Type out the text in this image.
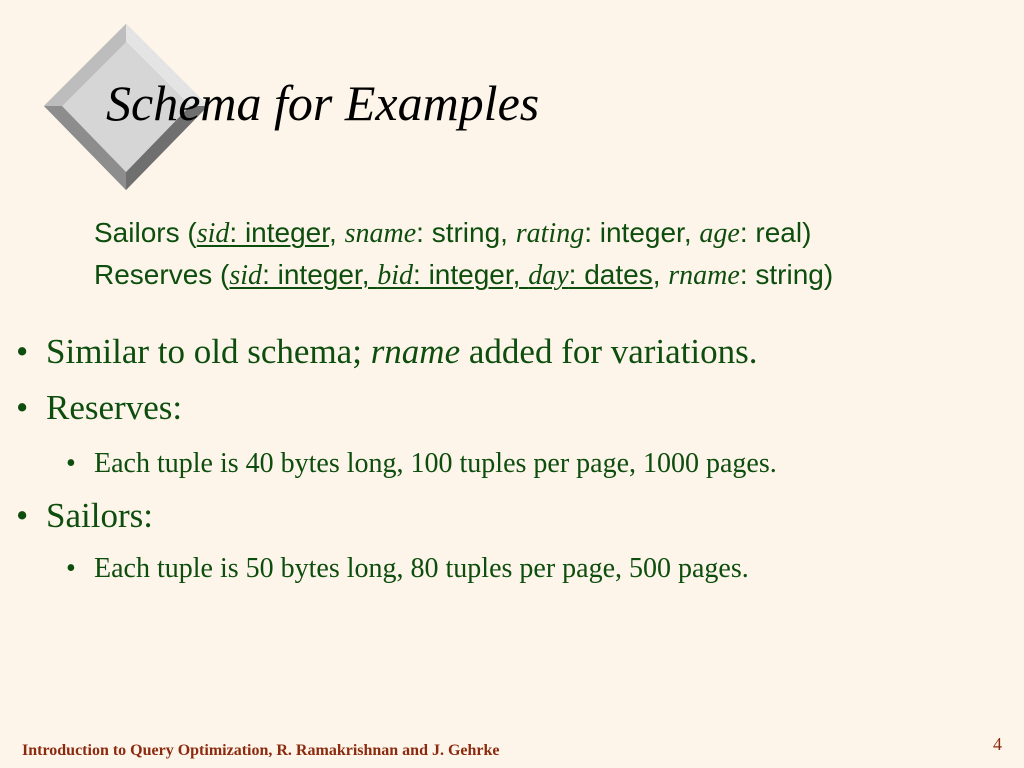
Schema for Examples
Sailors (sid: integer, sname: string, rating: integer, age: real)
Reserves (sid: integer, bid: integer, day: dates, rname: string)
• Similar to old schema; rname added for variations.
• Reserves:
• Each tuple is 40 bytes long, 100 tuples per page, 1000 pages.
• Sailors:
• Each tuple is 50 bytes long, 80 tuples per page, 500 pages.
Introduction to Query Optimization, R. Ramakrishnan and J. Gehrke	4
